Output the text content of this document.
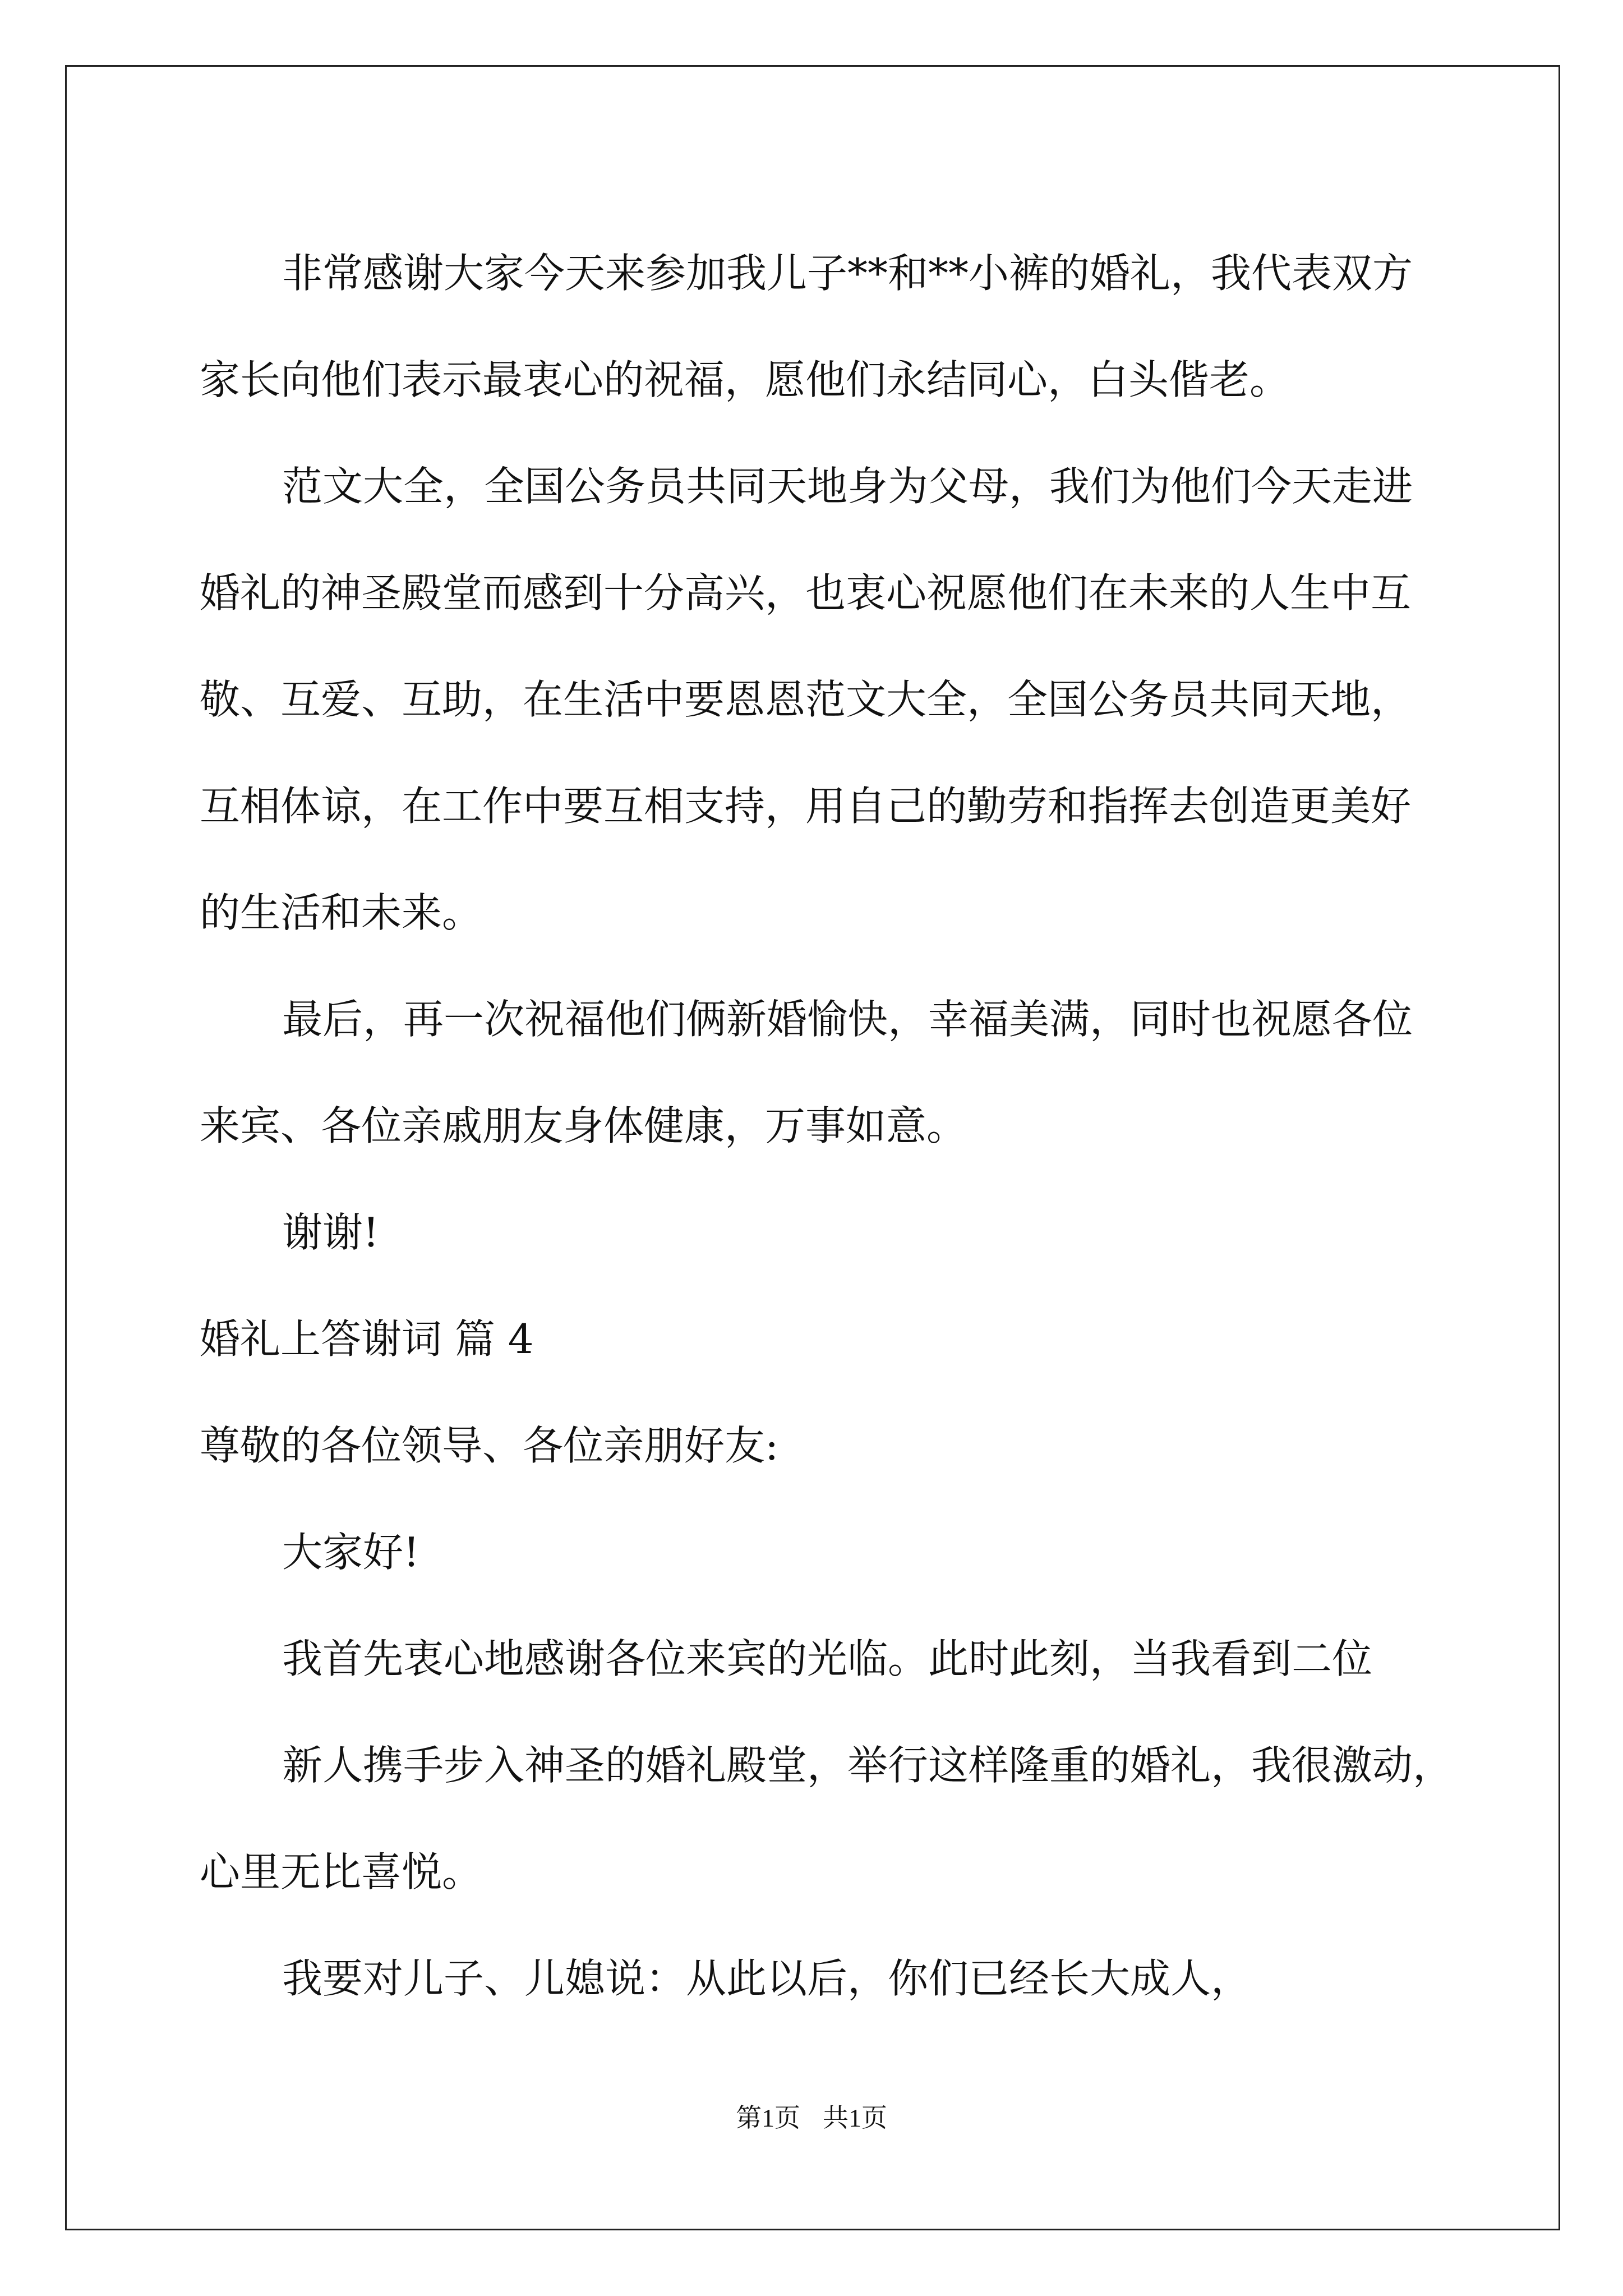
非常感谢大家今天来参加我儿子**和**小裤的婚礼，我代表双方

家长向他们表示最衷心的祝福，愿他们永结同心，白头偕老。

范文大全，全国公务员共同天地身为父母，我们为他们今天走进

婚礼的神圣殿堂而感到十分高兴，也衷心祝愿他们在未来的人生中互

敬、互爱、互助，在生活中要恩恩范文大全，全国公务员共同天地，

互相体谅，在工作中要互相支持，用自己的勤劳和指挥去创造更美好

的生活和未来。

最后，再一次祝福他们俩新婚愉快，幸福美满，同时也祝愿各位

来宾、各位亲戚朋友身体健康，万事如意。

谢谢!

婚礼上答谢词 篇 4

尊敬的各位领导、各位亲朋好友:

大家好!

我首先衷心地感谢各位来宾的光临。此时此刻，当我看到二位

新人携手步入神圣的婚礼殿堂，举行这样隆重的婚礼，我很激动，

心里无比喜悦。

我要对儿子、儿媳说：从此以后，你们已经长大成人，

第1页 共1页
